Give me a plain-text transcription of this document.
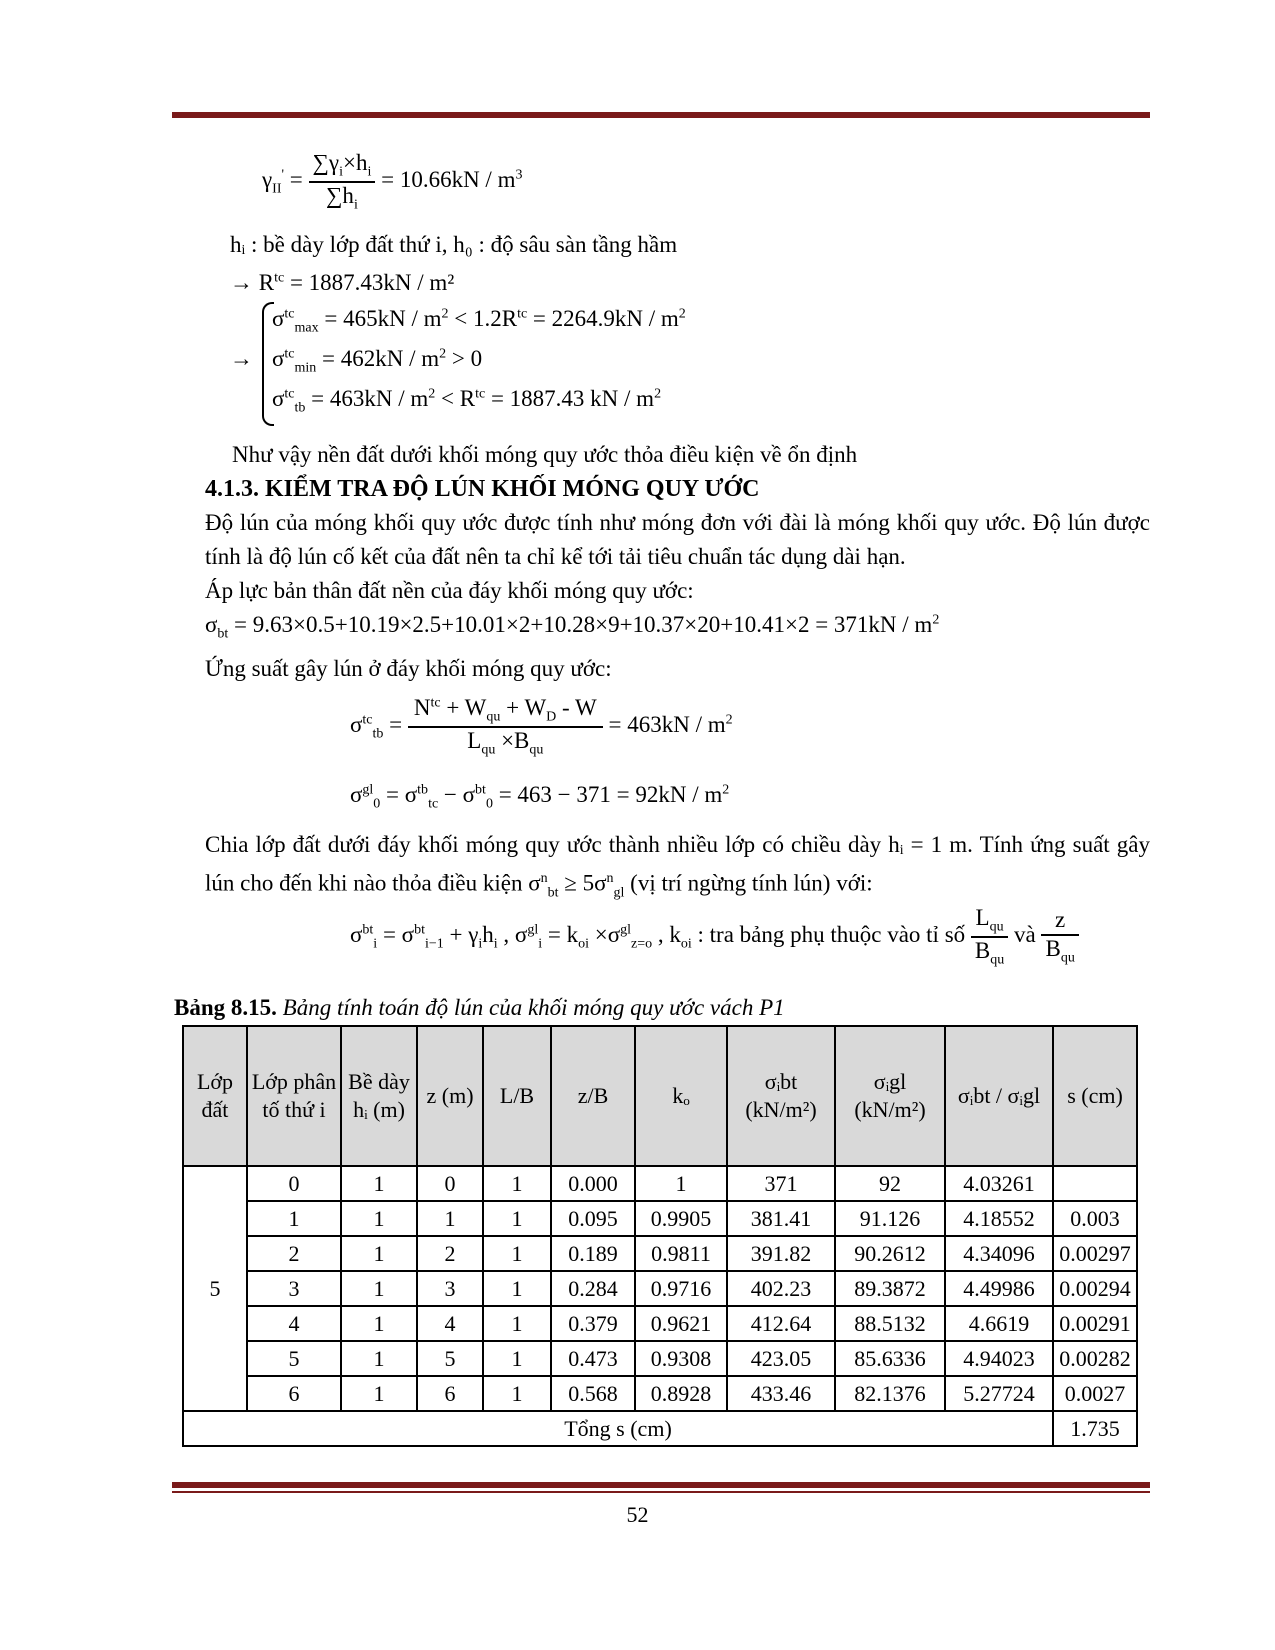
$\gamma_{II}' = \frac{\sum\gamma_i\times h_i}{\sum h_i} = 10.66kN / m^3$
hᵢ : bề dày lớp đất thứ i, h₀ : độ sâu sàn tầng hầm
→ $R^{tc} = 1887.43kN / m^2$
→
$\sigma^{tc}_{max} = 465kN / m^2 < 1.2R^{tc} = 2264.9kN / m^2$
$\sigma^{tc}_{min} = 462kN / m^2 > 0$
$\sigma^{tc}_{tb} = 463kN / m^2 < R^{tc} = 1887.43$ kN / $m^2$
Như vậy nền đất dưới khối móng quy ước thỏa điều kiện về ổn định
4.1.3. KIỂM TRA ĐỘ LÚN KHỐI MÓNG QUY ƯỚC
Độ lún của móng khối quy ước được tính như móng đơn với đài là móng khối quy ước. Độ lún được tính là độ lún cố kết của đất nên ta chỉ kể tới tải tiêu chuẩn tác dụng dài hạn.
Áp lực bản thân đất nền của đáy khối móng quy ước:
$\sigma_{bt} = 9.63\times 0.5+10.19\times 2.5+10.01\times 2+10.28\times 9+10.37\times 20+10.41\times 2 = 371kN / m^2$
Ứng suất gây lún ở đáy khối móng quy ước:
$\sigma^{tc}_{tb} = \frac{N^{tc} + W_{qu} + W_D - W}{L_{qu} \times B_{qu}} = 463kN / m^2$
$\sigma^{gl}_0 = \sigma^{tb}_{tc} - \sigma^{bt}_0 = 463 - 371 = 92kN / m^2$
Chia lớp đất dưới đáy khối móng quy ước thành nhiều lớp có chiều dày hᵢ = 1 m. Tính ứng suất gây lún cho đến khi nào thỏa điều kiện $\sigma^n_{bt} \ge 5\sigma^n_{gl}$ (vị trí ngừng tính lún) với:
$\sigma^{bt}_i = \sigma^{bt}_{i-1} + \gamma_ih_i$ , $\sigma^{gl}_i = k_{oi} \times\sigma^{gl}_{z=o}$ , $k_{oi}$ : tra bảng phụ thuộc vào tỉ số $\frac{L_{qu}}{B_{qu}}$ và $\frac{z}{B_{qu}}$
Bảng 8.15. Bảng tính toán độ lún của khối móng quy ước vách P1
Lớp đất	Lớp phân tố thứ i	Bề dày hᵢ (m)	z (m)	L/B	z/B	kₒ	σᵢbt (kN/m²)	σᵢgl (kN/m²)	σᵢbt / σᵢgl	s (cm)
5	0	1	0	1	0.000	1	371	92	4.03261	
	1	1	1	1	0.095	0.9905	381.41	91.126	4.18552	0.003
	2	1	2	1	0.189	0.9811	391.82	90.2612	4.34096	0.00297
	3	1	3	1	0.284	0.9716	402.23	89.3872	4.49986	0.00294
	4	1	4	1	0.379	0.9621	412.64	88.5132	4.6619	0.00291
	5	1	5	1	0.473	0.9308	423.05	85.6336	4.94023	0.00282
	6	1	6	1	0.568	0.8928	433.46	82.1376	5.27724	0.0027
Tổng s (cm)										1.735
52
